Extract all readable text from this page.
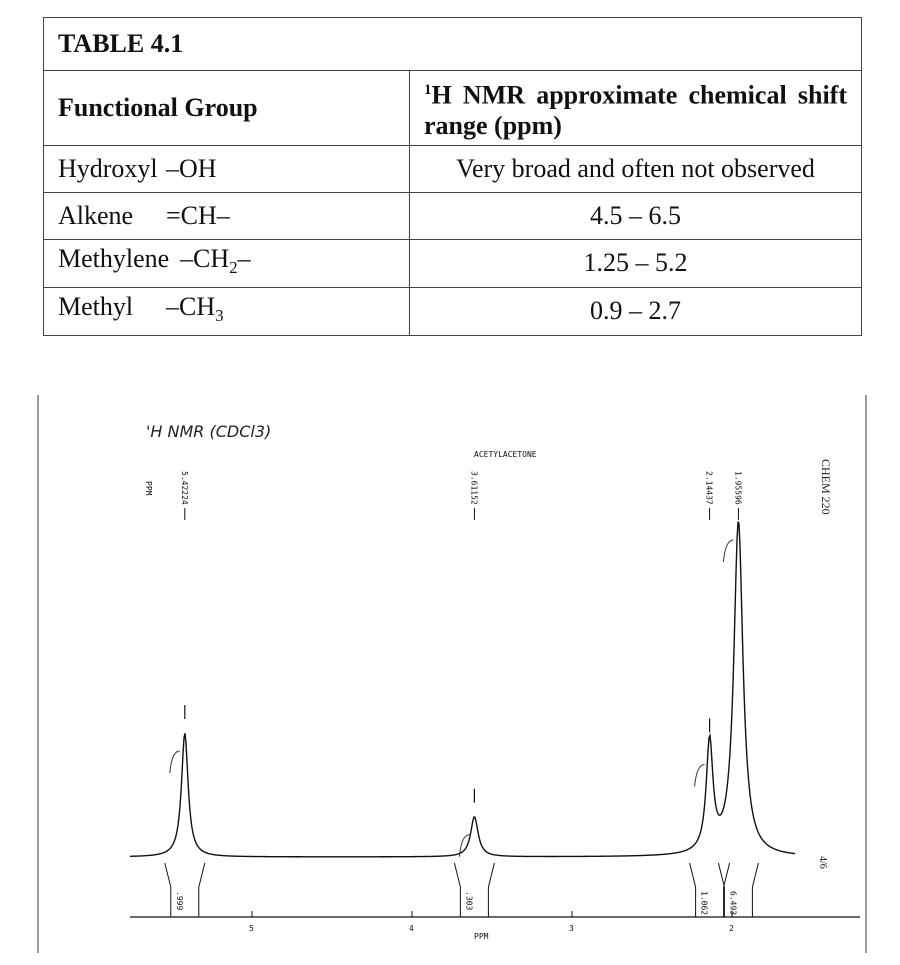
TABLE 4.1	
Functional Group	$^1$H NMR approximate chemical shift range (ppm)
Hydroxyl –OH	Very broad and often not observed
Alkene =CH–	4.5 – 6.5
Methylene $-CH_2-$	1.25 – 5.2
Methyl $-CH_3$	0.9 – 2.7
'H NMR (CDCl3)
ACETYLACETONE
PPM	CHEM 220
4/6
5.42224	3.61152	2.14437 1.95596
.999	.303	1.062 6.493
5	4	3	2
PPM
